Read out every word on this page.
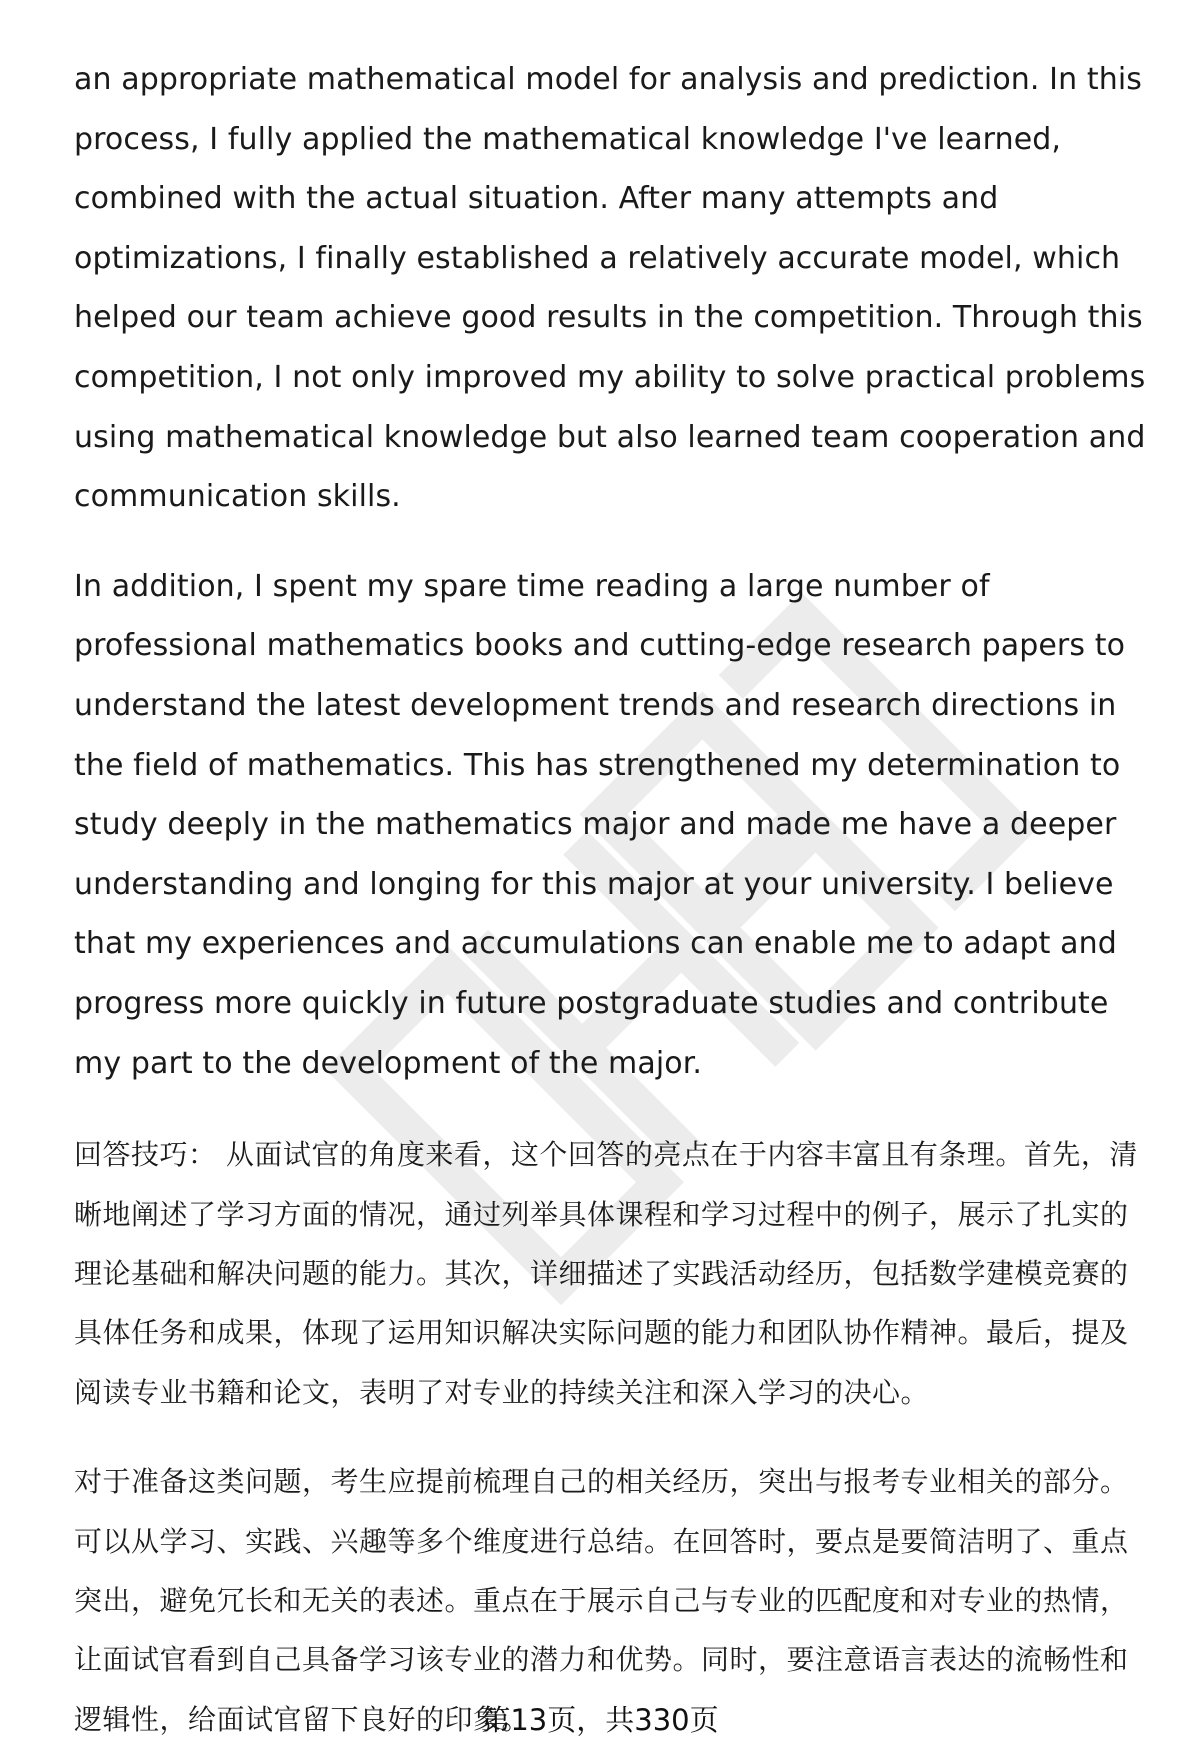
an appropriate mathematical model for analysis and prediction. In this process, I fully applied the mathematical knowledge I've learned, combined with the actual situation. After many attempts and optimizations, I finally established a relatively accurate model, which helped our team achieve good results in the competition. Through this competition, I not only improved my ability to solve practical problems using mathematical knowledge but also learned team cooperation and communication skills.

In addition, I spent my spare time reading a large number of professional mathematics books and cutting-edge research papers to understand the latest development trends and research directions in the field of mathematics. This has strengthened my determination to study deeply in the mathematics major and made me have a deeper understanding and longing for this major at your university. I believe that my experiences and accumulations can enable me to adapt and progress more quickly in future postgraduate studies and contribute my part to the development of the major.

回答技巧： 从面试官的角度来看，这个回答的亮点在于内容丰富且有条理。首先，清晰地阐述了学习方面的情况，通过列举具体课程和学习过程中的例子，展示了扎实的理论基础和解决问题的能力。其次，详细描述了实践活动经历，包括数学建模竞赛的具体任务和成果，体现了运用知识解决实际问题的能力和团队协作精神。最后，提及阅读专业书籍和论文，表明了对专业的持续关注和深入学习的决心。

对于准备这类问题，考生应提前梳理自己的相关经历，突出与报考专业相关的部分。可以从学习、实践、兴趣等多个维度进行总结。在回答时，要点是要简洁明了、重点突出，避免冗长和无关的表述。重点在于展示自己与专业的匹配度和对专业的热情，让面试官看到自己具备学习该专业的潜力和优势。同时，要注意语言表达的流畅性和逻辑性，给面试官留下良好的印象。

第13页，共330页
